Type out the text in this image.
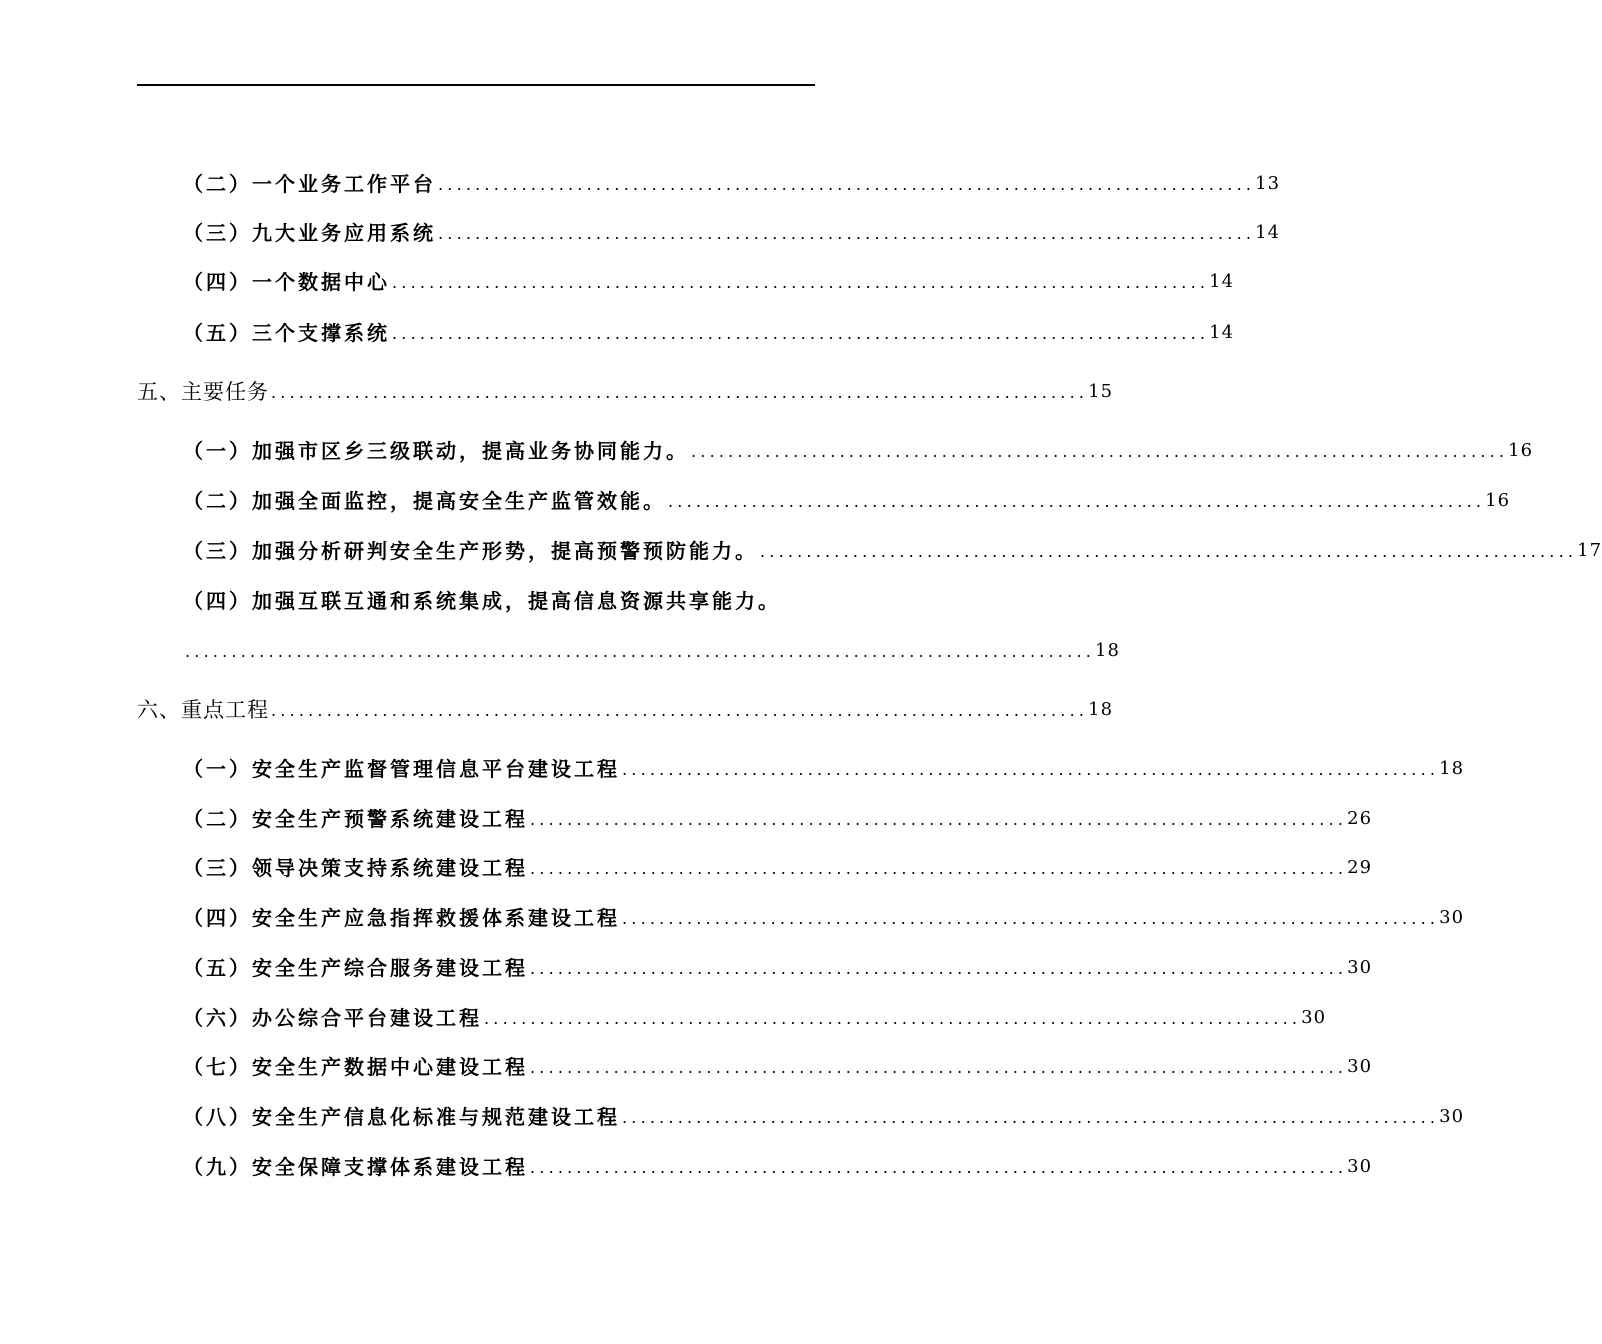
（二）一个业务工作平台 ........................................................................................ 13
（三）九大业务应用系统 ........................................................................................ 14
（四）一个数据中心 ........................................................................................ 14
（五）三个支撑系统 ........................................................................................ 14
五、主要任务 ........................................................................................ 15
（一）加强市区乡三级联动，提高业务协同能力。 ........................................................................................ 16
（二）加强全面监控，提高安全生产监管效能。 ........................................................................................ 16
（三）加强分析研判安全生产形势，提高预警预防能力。 ........................................................................................ 17
（四）加强互联互通和系统集成，提高信息资源共享能力。
.................................................................................................. 18
六、重点工程 ........................................................................................ 18
（一）安全生产监督管理信息平台建设工程 ........................................................................................ 18
（二）安全生产预警系统建设工程 ........................................................................................ 26
（三）领导决策支持系统建设工程 ........................................................................................ 29
（四）安全生产应急指挥救援体系建设工程 ........................................................................................ 30
（五）安全生产综合服务建设工程 ........................................................................................ 30
（六）办公综合平台建设工程 ........................................................................................ 30
（七）安全生产数据中心建设工程 ........................................................................................ 30
（八）安全生产信息化标准与规范建设工程 ........................................................................................ 30
（九）安全保障支撑体系建设工程 ........................................................................................ 30
